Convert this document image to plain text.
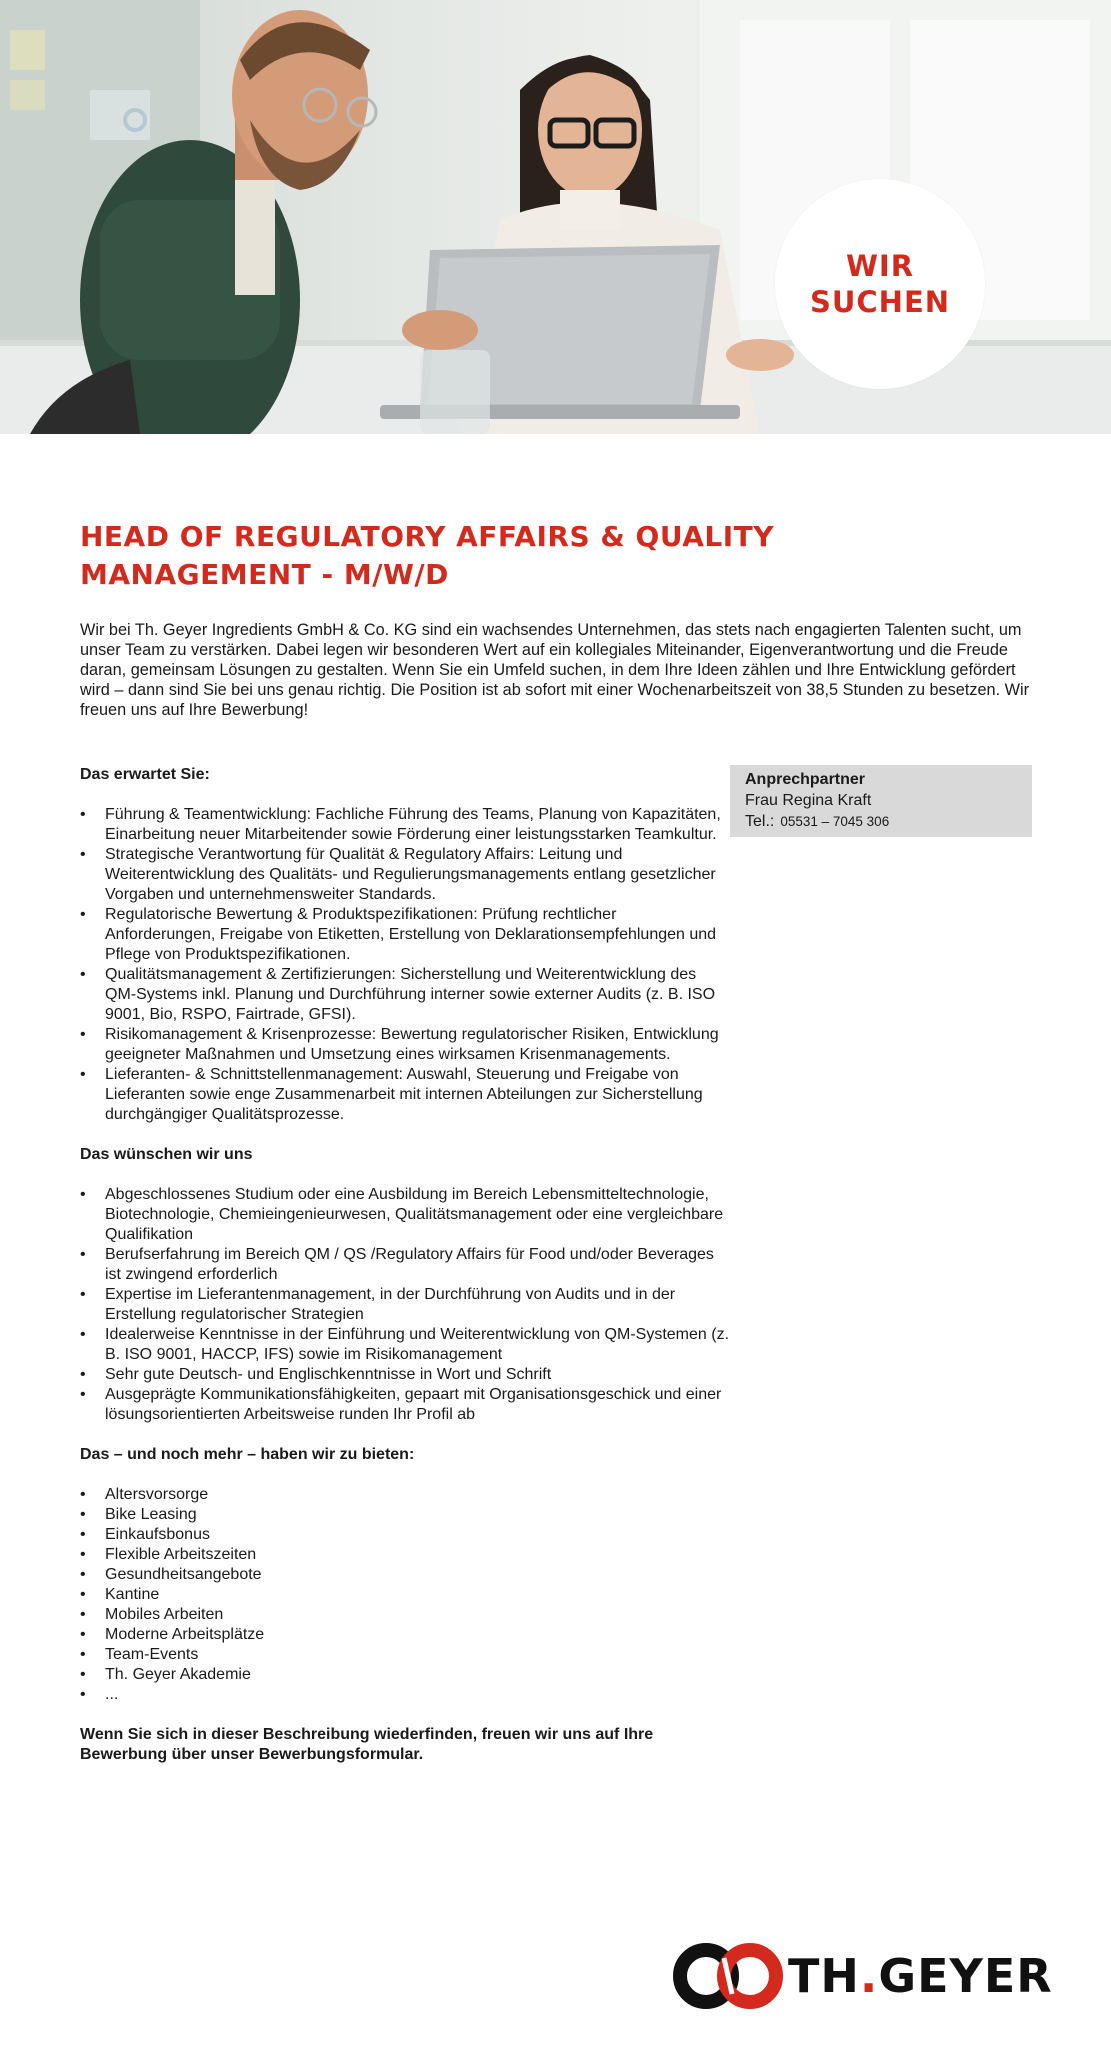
WIR
SUCHEN
HEAD OF REGULATORY AFFAIRS & QUALITY MANAGEMENT - M/W/D

Wir bei Th. Geyer Ingredients GmbH & Co. KG sind ein wachsendes Unternehmen, das stets nach engagierten Talenten sucht, um unser Team zu verstärken. Dabei legen wir besonderen Wert auf ein kollegiales Miteinander, Eigenverantwortung und die Freude daran, gemeinsam Lösungen zu gestalten. Wenn Sie ein Umfeld suchen, in dem Ihre Ideen zählen und Ihre Entwicklung gefördert wird – dann sind Sie bei uns genau richtig. Die Position ist ab sofort mit einer Wochenarbeitszeit von 38,5 Stunden zu besetzen. Wir freuen uns auf Ihre Bewerbung!

Das erwartet Sie:
• Führung & Teamentwicklung: Fachliche Führung des Teams, Planung von Kapazitäten, Einarbeitung neuer Mitarbeitender sowie Förderung einer leistungsstarken Teamkultur.
• Strategische Verantwortung für Qualität & Regulatory Affairs: Leitung und Weiterentwicklung des Qualitäts- und Regulierungsmanagements entlang gesetzlicher Vorgaben und unternehmensweiter Standards.
• Regulatorische Bewertung & Produktspezifikationen: Prüfung rechtlicher Anforderungen, Freigabe von Etiketten, Erstellung von Deklarationsempfehlungen und Pflege von Produktspezifikationen.
• Qualitätsmanagement & Zertifizierungen: Sicherstellung und Weiterentwicklung des QM-Systems inkl. Planung und Durchführung interner sowie externer Audits (z. B. ISO 9001, Bio, RSPO, Fairtrade, GFSI).
• Risikomanagement & Krisenprozesse: Bewertung regulatorischer Risiken, Entwicklung geeigneter Maßnahmen und Umsetzung eines wirksamen Krisenmanagements.
• Lieferanten- & Schnittstellenmanagement: Auswahl, Steuerung und Freigabe von Lieferanten sowie enge Zusammenarbeit mit internen Abteilungen zur Sicherstellung durchgängiger Qualitätsprozesse.
Das wünschen wir uns
• Abgeschlossenes Studium oder eine Ausbildung im Bereich Lebensmitteltechnologie, Biotechnologie, Chemieingenieurwesen, Qualitätsmanagement oder eine vergleichbare Qualifikation
• Berufserfahrung im Bereich QM / QS /Regulatory Affairs für Food und/oder Beverages ist zwingend erforderlich
• Expertise im Lieferantenmanagement, in der Durchführung von Audits und in der Erstellung regulatorischer Strategien
• Idealerweise Kenntnisse in der Einführung und Weiterentwicklung von QM-Systemen (z. B. ISO 9001, HACCP, IFS) sowie im Risikomanagement
• Sehr gute Deutsch- und Englischkenntnisse in Wort und Schrift
• Ausgeprägte Kommunikationsfähigkeiten, gepaart mit Organisationsgeschick und einer lösungsorientierten Arbeitsweise runden Ihr Profil ab
Das – und noch mehr – haben wir zu bieten:
• Altersvorsorge
• Bike Leasing
• Einkaufsbonus
• Flexible Arbeitszeiten
• Gesundheitsangebote
• Kantine
• Mobiles Arbeiten
• Moderne Arbeitsplätze
• Team-Events
• Th. Geyer Akademie
• ...

Wenn Sie sich in dieser Beschreibung wiederfinden, freuen wir uns auf Ihre Bewerbung über unser Bewerbungsformular.

Anprechpartner
Frau Regina Kraft
Tel.: 05531 – 7045 306
TH.GEYER
